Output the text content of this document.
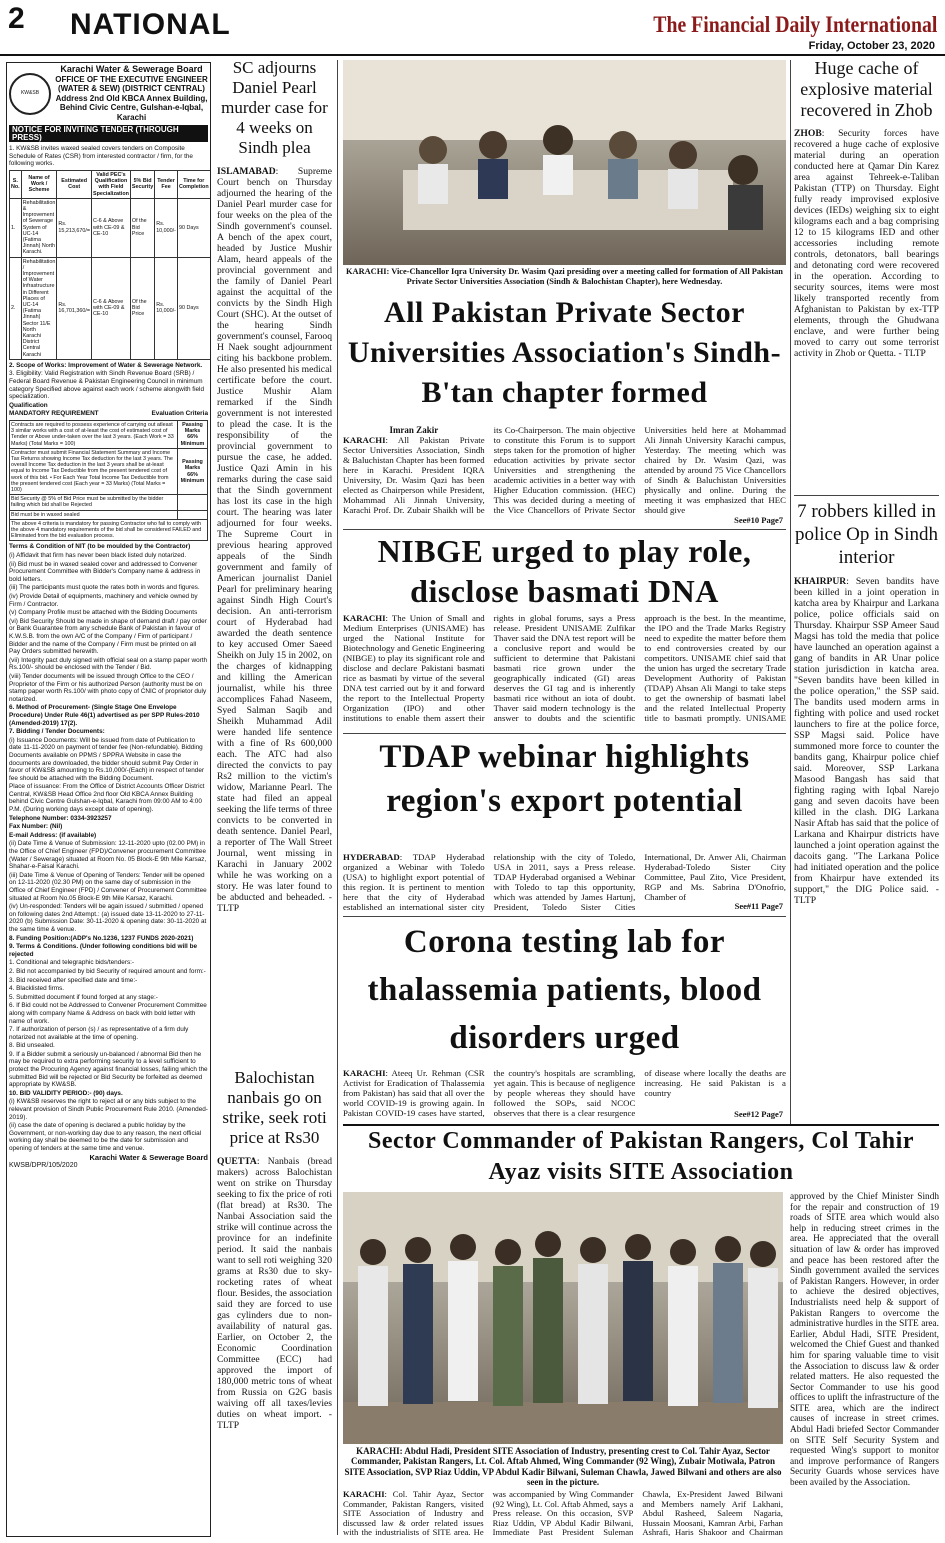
2 NATIONAL	The Financial Daily International
Friday, October 23, 2020
KW&SB
Karachi Water & Sewerage Board
OFFICE OF THE EXECUTIVE ENGINEER
(WATER & SEW) (DISTRICT CENTRAL)
Address 2nd Old KBCA Annex Building,
Behind Civic Centre, Gulshan-e-Iqbal, Karachi
NOTICE FOR INVITING TENDER (THROUGH PRESS)

1. KW&SB invites waxed sealed covers tenders on Composite Schedule of Rates (CSR) from interested contractor / firm, for the following works.

S. No.	Name of Work / Scheme	Estimated Cost	Valid PEC's Qualification with Field Specialization	5% Bid Security	Tender Fee	Time for Completion
1.	Rehabilitation & Improvement of Sewerage System of UC-14 (Fatima Jinnah) North Karachi.	Rs. 15,213,670/=	C-6 & Above with CE-09 & CE-10	Of the Bid Price	Rs. 10,000/-	90 Days
2.	Rehabilitation / Improvement of Water Infrastructure in Different Places of UC-14 (Fatima Jinnah) Sector 11/E North Karachi District Central Karachi	Rs. 16,701,360/=	C-6 & Above with CE-09 & CE-10	Of the Bid Price	Rs. 10,000/-	90 Days

2. Scope of Works: Improvement of Water & Sewerage Network.

3. Eligibility: Valid Registration with Sindh Revenue Board (SRB) / Federal Board Revenue & Pakistan Engineering Council in minimum category Specified above against each work / scheme alongwith field specialization.

Qualification

MANDATORY REQUIREMENT	Evaluation Criteria
Contracts are required to possess experience of carrying out atleast 3 similar works with a cost of at-least the cost of estimated cost of Tender or Above under-taken over the last 3 years. (Each Work = 33 Marks) (Total Marks = 100)	Passing Marks 66% Minimum
Contractor must submit Financial Statement Summary and Income Tax Returns showing Income Tax deduction for the last 3 years. The overall Income Tax deduction in the last 3 years shall be at-least equal to Income Tax Deductible from the present tendered cost of work of this bid. • For Each Year Total Income Tax Deductible from the present tendered cost (Each year = 33 Marks) (Total Marks = 100)	Passing Marks 66% Minimum
Bid Security @ 5% of Bid Price must be submitted by the bidder failing which bid shall be Rejected	
Bid must be in waxed sealed	
The above 4 criteria is mandatory for passing Contractor who fail to comply with the above 4 mandatory requirements of the bid shall be considered FAILED and Eliminated from the bid evaluation process.	

Terms & Condition of NIT (to be moulded by the Contractor)

(i) Affidavit that firm has never been black listed duly notarized.

(ii) Bid must be in waxed sealed cover and addressed to Convener Procurement Committee with Bidder's Company name & address in bold letters.

(iii) The participants must quote the rates both in words and figures.

(iv) Provide Detail of equipments, machinery and vehicle owned by Firm / Contractor.

(v) Company Profile must be attached with the Bidding Documents

(vi) Bid Security Should be made in shape of demand draft / pay order or Bank Guarantee from any schedule Bank of Pakistan in favour of K.W.S.B. from the own A/C of the Company / Firm of participant / Bidder and the name of the Company / Firm must be printed on all Pay Orders submitted herewith.

(vii) Integrity pact duly signed with official seal on a stamp paper worth Rs.100/- should be enclosed with the Tender / Bid.

(viii) Tender documents will be issued through Office to the CEO / Proprietor of the Firm or his authorized Person (authority must be on stamp paper worth Rs.100/ with photo copy of CNIC of proprietor duly notarized.

6. Method of Procurement- (Single Stage One Envelope Procedure) Under Rule 46(1) advertised as per SPP Rules-2010 (Amended-2019) 17(2).

7. Bidding / Tender Documents:

(i) Issuance Documents: Will be issued from date of Publication to date 11-11-2020 on payment of tender fee (Non-refundable). Bidding Documents available on PPMS / SPPRA Website in case the documents are downloaded, the bidder should submit Pay Order in favor of KW&SB amounting to Rs.10,000/-(Each) in respect of tender fee should be attached with the Bidding Document.

Place of issuance: From the Office of District Accounts Officer District Central, KW&SB Head Office 2nd floor Old KBCA Annex Building behind Civic Centre Gulshan-e-Iqbal, Karachi from 09:00 AM to 4:00 P.M. (During working days except date of opening).

Telephone Number: 0334-3923257

Fax Number: (Nil)

E-mail Address: (if available)

(ii) Date Time & Venue of Submission: 12-11-2020 upto (02.00 PM) in the Office of Chief Engineer (FPD)/Convener procurement Committee (Water / Sewerage) situated at Room No. 05 Block-E 9th Mile Karsaz, Shahar-e-Faisal Karachi.

(iii) Date Time & Venue of Opening of Tenders: Tender will be opened on 12-11-2020 (02.30 PM) on the same day of submission in the Office of Chief Engineer (FPD) / Convener of Procurement Committee situated at Room No.05 Block-E 9th Mile Karsaz, Karachi.

(iv) Un-responded: Tenders will be again issued / submitted / opened on following dates 2nd Attempt.: (a) issued date 13-11-2020 to 27-11-2020 (b) Submission Date: 30-11-2020 & opening date: 30-11-2020 at the same time & venue.

8. Funding Position:(ADP's No.1236, 1237 FUNDS 2020-2021)

9. Terms & Conditions. (Under following conditions bid will be rejected

1. Conditional and telegraphic bids/tenders:-

2. Bid not accompanied by bid Security of required amount and form:-

3. Bid received after specified date and time:-

4. Blacklisted firms.

5. Submitted document if found forged at any stage:-

6. If Bid could not be Addressed to Convener Procurement Committee along with company Name & Address on back with bold letter with name of work.

7. If authorization of person (s) / as representative of a firm duly notarized not available at the time of opening.

8. Bid unsealed.

9. If a Bidder submit a seriously un-balanced / abnormal Bid then he may be required to extra performing security to a level sufficient to protect the Procuring Agency against financial losses, failing which the submitted Bid will be rejected or Bid Security be forfeited as deemed appropriate by KW&SB.

10. BID VALIDITY PERIOD:- (90) days.

(i) KW&SB reserves the right to reject all or any bids subject to the relevant provision of Sindh Public Procurement Rule 2010. (Amended-2019).

(ii) case the date of opening is declared a public holiday by the Government, or non-working day due to any reason, the next official working day shall be deemed to be the date for submission and opening of tenders at the same time and venue.

Karachi Water & Sewerage Board

KWSB/DPR/105/2020

SC adjourns Daniel Pearl murder case for 4 weeks on Sindh plea
ISLAMABAD: Supreme Court bench on Thursday adjourned the hearing of the Daniel Pearl murder case for four weeks on the plea of the Sindh government's counsel. A bench of the apex court, headed by Justice Mushir Alam, heard appeals of the provincial government and the family of Daniel Pearl against the acquittal of the convicts by the Sindh High Court (SHC). At the outset of the hearing Sindh government's counsel, Farooq H Naek sought adjournment citing his backbone problem. He also presented his medical certificate before the court. Justice Mushir Alam remarked if the Sindh government is not interested to plead the case. It is the responsibility of the provincial government to pursue the case, he added. Justice Qazi Amin in his remarks during the case said that the Sindh government has lost its case in the high court. The hearing was later adjourned for four weeks. The Supreme Court in previous hearing approved appeals of the Sindh government and family of American journalist Daniel Pearl for preliminary hearing against Sindh High Court's decision. An anti-terrorism court of Hyderabad had awarded the death sentence to key accused Omer Saeed Sheikh on July 15 in 2002, on the charges of kidnapping and killing the American journalist, while his three accomplices Fahad Naseem, Syed Salman Saqib and Sheikh Muhammad Adil were handed life sentence with a fine of Rs 600,000 each. The ATC had also directed the convicts to pay Rs2 million to the victim's widow, Marianne Pearl. The state had filed an appeal seeking the life terms of three convicts to be converted in death sentence. Daniel Pearl, a reporter of The Wall Street Journal, went missing in Karachi in January 2002 while he was working on a story. He was later found to be abducted and beheaded. - TLTP
Balochistan nanbais go on strike, seek roti price at Rs30
QUETTA: Nanbais (bread makers) across Balochistan went on strike on Thursday seeking to fix the price of roti (flat bread) at Rs30. The Nanbai Association said the strike will continue across the province for an indefinite period. It said the nanbais want to sell roti weighing 320 grams at Rs30 due to sky-rocketing rates of wheat flour. Besides, the association said they are forced to use gas cylinders due to non-availability of natural gas. Earlier, on October 2, the Economic Coordination Committee (ECC) had approved the import of 180,000 metric tons of wheat from Russia on G2G basis waiving off all taxes/levies duties on wheat import. - TLTP
KARACHI: Vice-Chancellor Iqra University Dr. Wasim Qazi presiding over a meeting called for formation of All Pakistan Private Sector Universities Association (Sindh & Balochistan Chapter), here Wednesday.
All Pakistan Private Sector Universities Association's Sindh-B'tan chapter formed
Imran Zakir
KARACHI: All Pakistan Private Sector Universities Association, Sindh & Baluchistan Chapter has been formed here in Karachi. President IQRA University, Dr. Wasim Qazi has been elected as Chairperson while President, Mohammad Ali Jinnah University, Karachi Prof. Dr. Zubair Shaikh will be its Co-Chairperson. The main objective to constitute this Forum is to support steps taken for the promotion of higher education activities by private sector Universities and strengthening the academic activities in a better way with Higher Education commission. (HEC) This was decided during a meeting of the Vice Chancellors of Private Sector Universities held here at Mohammad Ali Jinnah University Karachi campus, Yesterday. The meeting which was chaired by Dr. Wasim Qazi, was attended by around 75 Vice Chancellors of Sindh & Baluchistan Universities physically and online. During the meeting it was emphasized that HEC should give
See#10 Page7
NIBGE urged to play role, disclose basmati DNA
KARACHI: The Union of Small and Medium Enterprises (UNISAME) has urged the National Institute for Biotechnology and Genetic Engineering (NIBGE) to play its significant role and disclose and declare Pakistani basmati rice as basmati by virtue of the several DNA test carried out by it and forward the report to the Intellectual Property Organization (IPO) and other institutions to enable them assert their rights in global forums, says a Press release. President UNISAME Zulfikar Thaver said the DNA test report will be a conclusive report and would be sufficient to determine that Pakistani basmati rice grown under the geographically indicated (GI) areas deserves the GI tag and is inherently basmati rice without an iota of doubt. Thaver said modern technology is the answer to doubts and the scientific approach is the best. In the meantime, the IPO and the Trade Marks Registry need to expedite the matter before them to end controversies created by our competitors. UNISAME chief said that the union has urged the secretary Trade Development Authority of Pakistan (TDAP) Ahsan Ali Mangi to take steps to get the ownership of basmati label and the related Intellectual Property title to basmati promptly. UNISAME
TDAP webinar highlights region's export potential
HYDERABAD: TDAP Hyderabad organized a Webinar with Toledo (USA) to highlight export potential of this region. It is pertinent to mention here that the city of Hyderabad established an international sister city relationship with the city of Toledo, USA in 2011, says a Press release. TDAP Hyderabad organised a Webinar with Toledo to tap this opportunity, which was attended by James Hartunj, President, Toledo Sister Cities International, Dr. Anwer Ali, Chairman Hyderabad-Toledo Sister City Committee, Paul Zito, Vice President, RGP and Ms. Sabrina D'Onofrio, Chamber of
See#11 Page7
Corona testing lab for thalassemia patients, blood disorders urged
KARACHI: Ateeq Ur. Rehman (CSR Activist for Eradication of Thalassemia from Pakistan) has said that all over the world COVID-19 is growing again. In Pakistan COVID-19 cases have started, the country's hospitals are scrambling, yet again. This is because of negligence by people whereas they should have followed the SOPs, said NCOC observes that there is a clear resurgence of disease where locally the deaths are increasing. He said Pakistan is a country
See#12 Page7
Huge cache of explosive material recovered in Zhob
ZHOB: Security forces have recovered a huge cache of explosive material during an operation conducted here at Qamar Din Karez area against Tehreek-e-Taliban Pakistan (TTP) on Thursday. Eight fully ready improvised explosive devices (IEDs) weighing six to eight kilograms each and a bag comprising 12 to 15 kilograms IED and other accessories including remote controls, detonators, ball bearings and detonating cord were recovered in the operation. According to security sources, items were most likely transported recently from Afghanistan to Pakistan by ex-TTP elements, through the Ghudwana enclave, and were further being moved to carry out some terrorist activity in Zhob or Quetta. - TLTP
7 robbers killed in police Op in Sindh interior
KHAIRPUR: Seven bandits have been killed in a joint operation in katcha area by Khairpur and Larkana police, police officials said on Thursday. Khairpur SSP Ameer Saud Magsi has told the media that police have launched an operation against a gang of bandits in AR Unar police station jurisdiction in katcha area. "Seven bandits have been killed in the police operation," the SSP said. The bandits used modern arms in fighting with police and used rocket launchers to fire at the police force, SSP Magsi said. Police have summoned more force to counter the bandits gang, Khairpur police chief said. Moreover, SSP Larkana Masood Bangash has said that fighting raging with Iqbal Narejo gang and seven dacoits have been killed in the clash. DIG Larkana Nasir Aftab has said that the police of Larkana and Khairpur districts have launched a joint operation against the dacoits gang. "The Larkana Police had initiated operation and the police from Khairpur have extended its support," the DIG Police said. - TLTP
Sector Commander of Pakistan Rangers, Col Tahir Ayaz visits SITE Association
KARACHI: Abdul Hadi, President SITE Association of Industry, presenting crest to Col. Tahir Ayaz, Sector Commander, Pakistan Rangers, Lt. Col. Aftab Ahmed, Wing Commander (92 Wing), Zubair Motiwala, Patron SITE Association, SVP Riaz Uddin, VP Abdul Kadir Bilwani, Suleman Chawla, Jawed Bilwani and others are also seen in the picture.
KARACHI: Col. Tahir Ayaz, Sector Commander, Pakistan Rangers, visited SITE Association of Industry and discussed law & order related issues with the industrialists of SITE area. He was accompanied by Wing Commander (92 Wing), Lt. Col. Aftab Ahmed, says a Press release. On this occasion, SVP Riaz Uddin, VP Abdul Kadir Bilwani, Immediate Past President Suleman Chawla, Ex-President Jawed Bilwani and Members namely Arif Lakhani, Abdul Rasheed, Saleem Nagaria, Hussain Moosani, Kamran Arbi, Farhan Ashrafi, Haris Shakoor and Chairman
approved by the Chief Minister Sindh for the repair and construction of 19 roads of SITE area which would also help in reducing street crimes in the area. He appreciated that the overall situation of law & order has improved and peace has been restored after the Sindh government availed the services of Pakistan Rangers. However, in order to achieve the desired objectives, Industrialists need help & support of Pakistan Rangers to overcome the administrative hurdles in the SITE area. Earlier, Abdul Hadi, SITE President, welcomed the Chief Guest and thanked him for sparing valuable time to visit the Association to discuss law & order related matters. He also requested the Sector Commander to use his good offices to uplift the infrastructure of the SITE area, which are the indirect causes of increase in street crimes. Abdul Hadi briefed Sector Commander on SITE Self Security System and requested Wing's support to monitor and improve performance of Rangers Security Guards whose services have been availed by the Association.
